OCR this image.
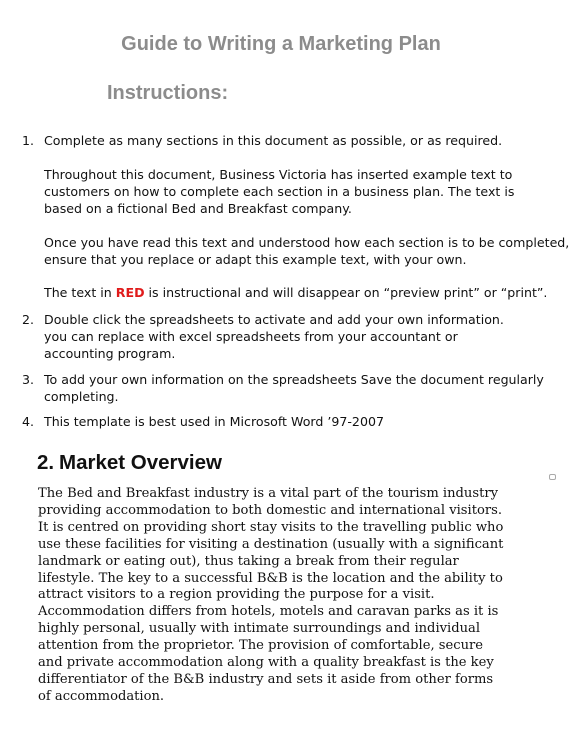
Guide to Writing a Marketing Plan
Instructions:
1. Complete as many sections in this document as possible, or as required.
Throughout this document, Business Victoria has inserted example text to
customers on how to complete each section in a business plan. The text is
based on a fictional Bed and Breakfast company.
Once you have read this text and understood how each section is to be completed,
ensure that you replace or adapt this example text, with your own.
The text in RED is instructional and will disappear on “preview print” or “print”.
2. Double click the spreadsheets to activate and add your own information.
you can replace with excel spreadsheets from your accountant or
accounting program.
3. To add your own information on the spreadsheets Save the document regularly
completing.
4. This template is best used in Microsoft Word ’97-2007
2. Market Overview
The Bed and Breakfast industry is a vital part of the tourism industry
providing accommodation to both domestic and international visitors.
It is centred on providing short stay visits to the travelling public who
use these facilities for visiting a destination (usually with a significant
landmark or eating out), thus taking a break from their regular
lifestyle. The key to a successful B&B is the location and the ability to
attract visitors to a region providing the purpose for a visit.
Accommodation differs from hotels, motels and caravan parks as it is
highly personal, usually with intimate surroundings and individual
attention from the proprietor. The provision of comfortable, secure
and private accommodation along with a quality breakfast is the key
differentiator of the B&B industry and sets it aside from other forms
of accommodation.
